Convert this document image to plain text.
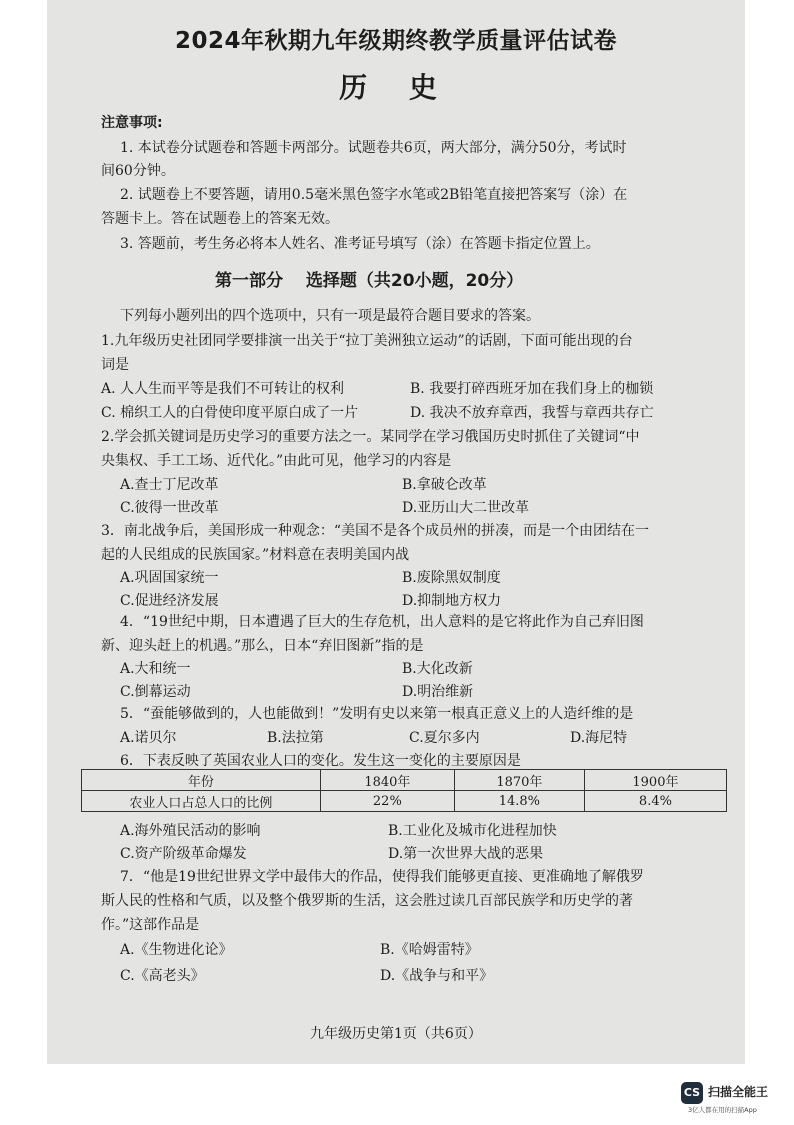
2024年秋期九年级期终教学质量评估试卷
历 史
注意事项:
1. 本试卷分试题卷和答题卡两部分。试题卷共6页，两大部分，满分50分，考试时
间60分钟。
2. 试题卷上不要答题，请用0.5毫米黑色签字水笔或2B铅笔直接把答案写（涂）在
答题卡上。答在试题卷上的答案无效。
3. 答题前，考生务必将本人姓名、准考证号填写（涂）在答题卡指定位置上。
第一部分　 选择题（共20小题，20分）
下列每小题列出的四个选项中，只有一项是最符合题目要求的答案。
1.九年级历史社团同学要排演一出关于“拉丁美洲独立运动”的话剧，下面可能出现的台
词是
A. 人人生而平等是我们不可转让的权利	B. 我要打碎西班牙加在我们身上的枷锁
C. 棉织工人的白骨使印度平原白成了一片	D. 我决不放弃章西，我誓与章西共存亡
2.学会抓关键词是历史学习的重要方法之一。某同学在学习俄国历史时抓住了关键词“中
央集权、手工工场、近代化。”由此可见，他学习的内容是
A.查士丁尼改革	B.拿破仑改革
C.彼得一世改革	D.亚历山大二世改革
3．南北战争后，美国形成一种观念：“美国不是各个成员州的拼凑，而是一个由团结在一
起的人民组成的民族国家。”材料意在表明美国内战
A.巩固国家统一	B.废除黑奴制度
C.促进经济发展	D.抑制地方权力
4．“19世纪中期，日本遭遇了巨大的生存危机，出人意料的是它将此作为自己弃旧图
新、迎头赶上的机遇。”那么，日本“弃旧图新”指的是
A.大和统一	B.大化改新
C.倒幕运动	D.明治维新
5．“蚕能够做到的，人也能做到！”发明有史以来第一根真正意义上的人造纤维的是
A.诺贝尔	B.法拉第	C.夏尔多内	D.海尼特
6．下表反映了英国农业人口的变化。发生这一变化的主要原因是
年份	1840年	1870年	1900年
农业人口占总人口的比例	22%	14.8%	8.4%
A.海外殖民活动的影响	B.工业化及城市化进程加快
C.资产阶级革命爆发	D.第一次世界大战的恶果
7．“他是19世纪世界文学中最伟大的作品，使得我们能够更直接、更准确地了解俄罗
斯人民的性格和气质，以及整个俄罗斯的生活，这会胜过读几百部民族学和历史学的著
作。”这部作品是
A.《生物进化论》	B.《哈姆雷特》
C.《高老头》	D.《战争与和平》
九年级历史第1页（共6页）
CS 扫描全能王
3亿人都在用的扫描App
